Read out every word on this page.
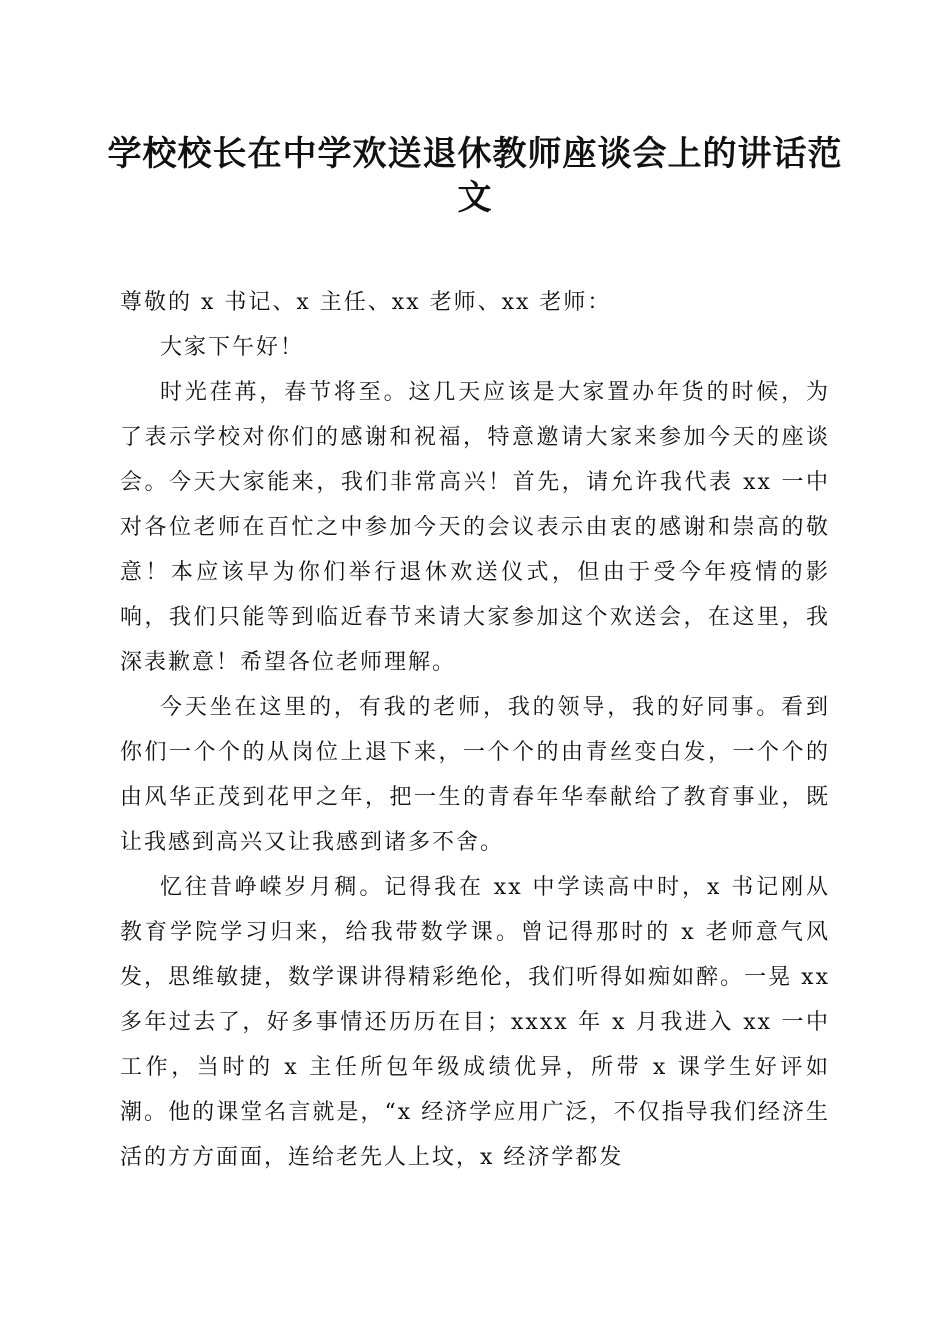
学校校长在中学欢送退休教师座谈会上的讲话范文

尊敬的 x 书记、x 主任、xx 老师、xx 老师：

大家下午好！

时光荏苒，春节将至。这几天应该是大家置办年货的时候，为了表示学校对你们的感谢和祝福，特意邀请大家来参加今天的座谈会。今天大家能来，我们非常高兴！首先，请允许我代表 xx 一中对各位老师在百忙之中参加今天的会议表示由衷的感谢和崇高的敬意！本应该早为你们举行退休欢送仪式，但由于受今年疫情的影响，我们只能等到临近春节来请大家参加这个欢送会，在这里，我深表歉意！希望各位老师理解。

今天坐在这里的，有我的老师，我的领导，我的好同事。看到你们一个个的从岗位上退下来，一个个的由青丝变白发，一个个的由风华正茂到花甲之年，把一生的青春年华奉献给了教育事业，既让我感到高兴又让我感到诸多不舍。

忆往昔峥嵘岁月稠。记得我在 xx 中学读高中时，x 书记刚从教育学院学习归来，给我带数学课。曾记得那时的 x 老师意气风发，思维敏捷，数学课讲得精彩绝伦，我们听得如痴如醉。一晃 xx 多年过去了，好多事情还历历在目；xxxx 年 x 月我进入 xx 一中工作，当时的 x 主任所包年级成绩优异，所带 x 课学生好评如潮。他的课堂名言就是，“x 经济学应用广泛，不仅指导我们经济生活的方方面面，连给老先人上坟，x 经济学都发
